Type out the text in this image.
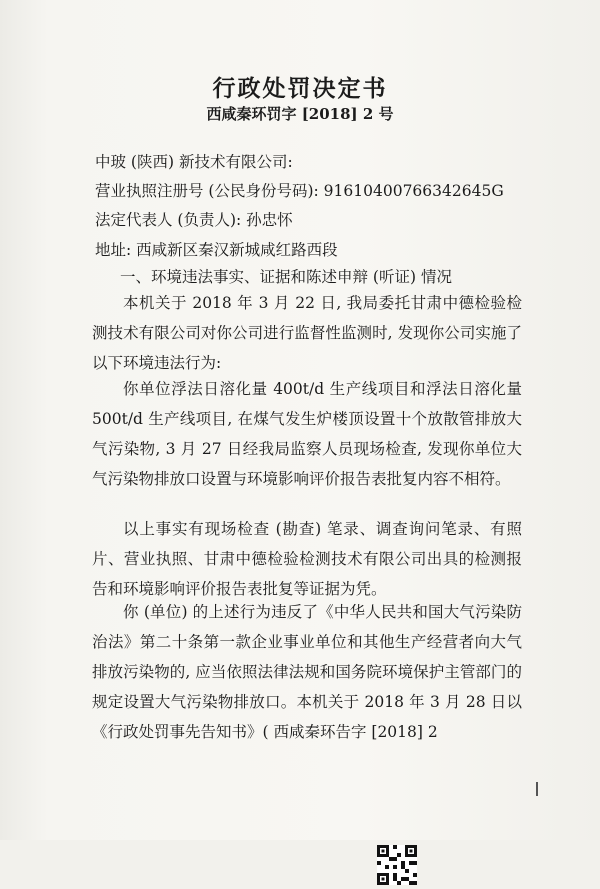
行政处罚决定书
西咸秦环罚字 [2018] 2 号
中玻 (陕西) 新技术有限公司:
营业执照注册号 (公民身份号码): 91610400766342645G
法定代表人 (负责人): 孙忠怀
地址: 西咸新区秦汉新城咸红路西段
一、环境违法事实、证据和陈述申辩 (听证) 情况
本机关于 2018 年 3 月 22 日, 我局委托甘肃中德检验检测技术有限公司对你公司进行监督性监测时, 发现你公司实施了以下环境违法行为:
你单位浮法日溶化量 400t/d 生产线项目和浮法日溶化量 500t/d 生产线项目, 在煤气发生炉楼顶设置十个放散管排放大气污染物, 3 月 27 日经我局监察人员现场检查, 发现你单位大气污染物排放口设置与环境影响评价报告表批复内容不相符。
以上事实有现场检查 (勘查) 笔录、调查询问笔录、有照片、营业执照、甘肃中德检验检测技术有限公司出具的检测报告和环境影响评价报告表批复等证据为凭。
你 (单位) 的上述行为违反了《中华人民共和国大气污染防治法》第二十条第一款企业事业单位和其他生产经营者向大气排放污染物的, 应当依照法律法规和国务院环境保护主管部门的规定设置大气污染物排放口。本机关于 2018 年 3 月 28 日以 《行政处罚事先告知书》( 西咸秦环告字 [2018] 2
